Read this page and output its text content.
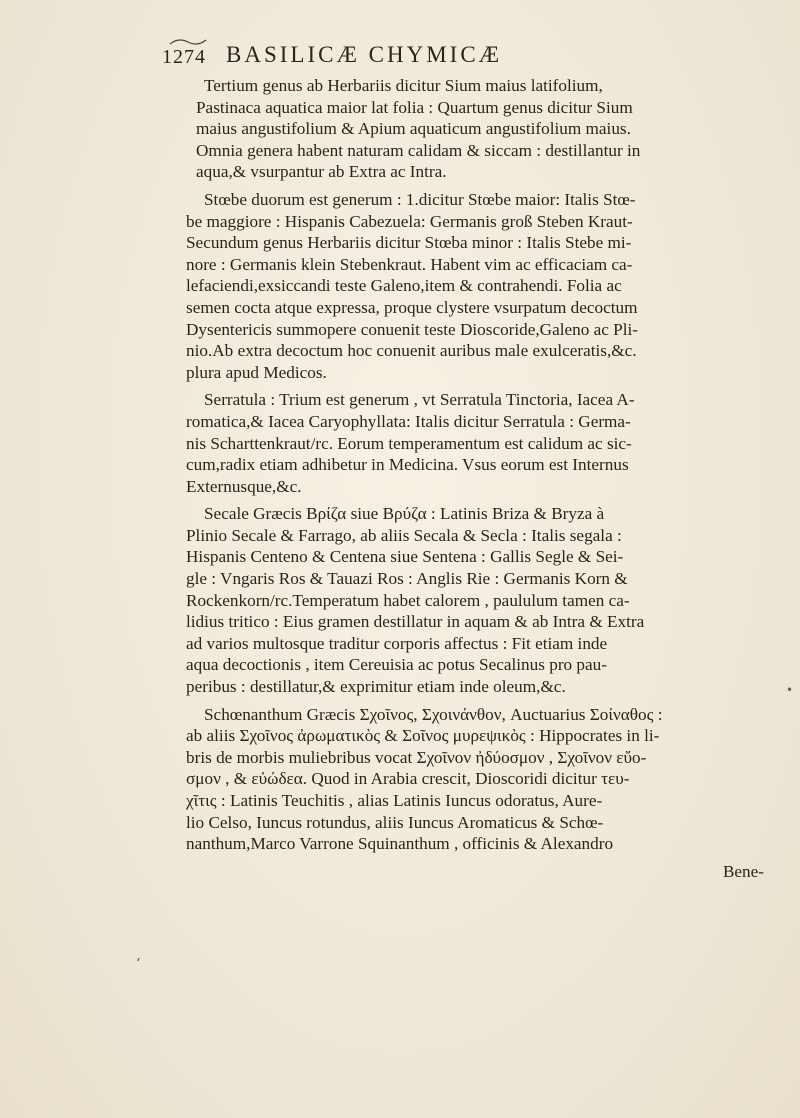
1274 BASILICÆ CHYMICÆ

Tertium genus ab Herbariis dicitur Sium maius latifolium,

Pastinaca aquatica maior lat folia : Quartum genus dicitur Sium

maius angustifolium & Apium aquaticum angustifolium maius.

Omnia genera habent naturam calidam & siccam : destillantur in

aqua,& vsurpantur ab Extra ac Intra.

Stœbe duorum est generum : 1.dicitur Stœbe maior: Italis Stœ-

be maggiore : Hispanis Cabezuela: Germanis groß Steben Kraut-

Secundum genus Herbariis dicitur Stœba minor : Italis Stebe mi-

nore : Germanis klein Stebenkraut. Habent vim ac efficaciam ca-

lefaciendi,exsiccandi teste Galeno,item & contrahendi. Folia ac

semen cocta atque expressa, proque clystere vsurpatum decoctum

Dysentericis summopere conuenit teste Dioscoride,Galeno ac Pli-

nio.Ab extra decoctum hoc conuenit auribus male exulceratis,&c.

plura apud Medicos.

Serratula : Trium est generum , vt Serratula Tinctoria, Iacea A-

romatica,& Iacea Caryophyllata: Italis dicitur Serratula : Germa-

nis Scharttenkraut/rc. Eorum temperamentum est calidum ac sic-

cum,radix etiam adhibetur in Medicina. Vsus eorum est Internus

Externusque,&c.

Secale Græcis Βρίζα siue Βρύζα : Latinis Briza & Bryza à

Plinio Secale & Farrago, ab aliis Secala & Secla : Italis segala :

Hispanis Centeno & Centena siue Sentena : Gallis Segle & Sei-

gle : Vngaris Ros & Tauazi Ros : Anglis Rie : Germanis Korn &

Rockenkorn/rc.Temperatum habet calorem , paululum tamen ca-

lidius tritico : Eius gramen destillatur in aquam & ab Intra & Extra

ad varios multosque traditur corporis affectus : Fit etiam inde

aqua decoctionis , item Cereuisia ac potus Secalinus pro pau-

peribus : destillatur,& exprimitur etiam inde oleum,&c.

Schœnanthum Græcis Σχοῖνος, Σχοινάνθον, Auctuarius Σοίναθος :

ab aliis Σχοῖνος ἀρωματικὸς & Σοῖνος μυρεψικὸς : Hippocrates in li-

bris de morbis muliebribus vocat Σχοῖνον ἠδύοσμον , Σχοῖνον εὔο-

σμον , & εὐώδεα. Quod in Arabia crescit, Dioscoridi dicitur τευ-

χῖτις : Latinis Teuchitis , alias Latinis Iuncus odoratus, Aure-

lio Celso, Iuncus rotundus, aliis Iuncus Aromaticus & Schœ-

nanthum,Marco Varrone Squinanthum , officinis & Alexandro

Bene-
‘
•
